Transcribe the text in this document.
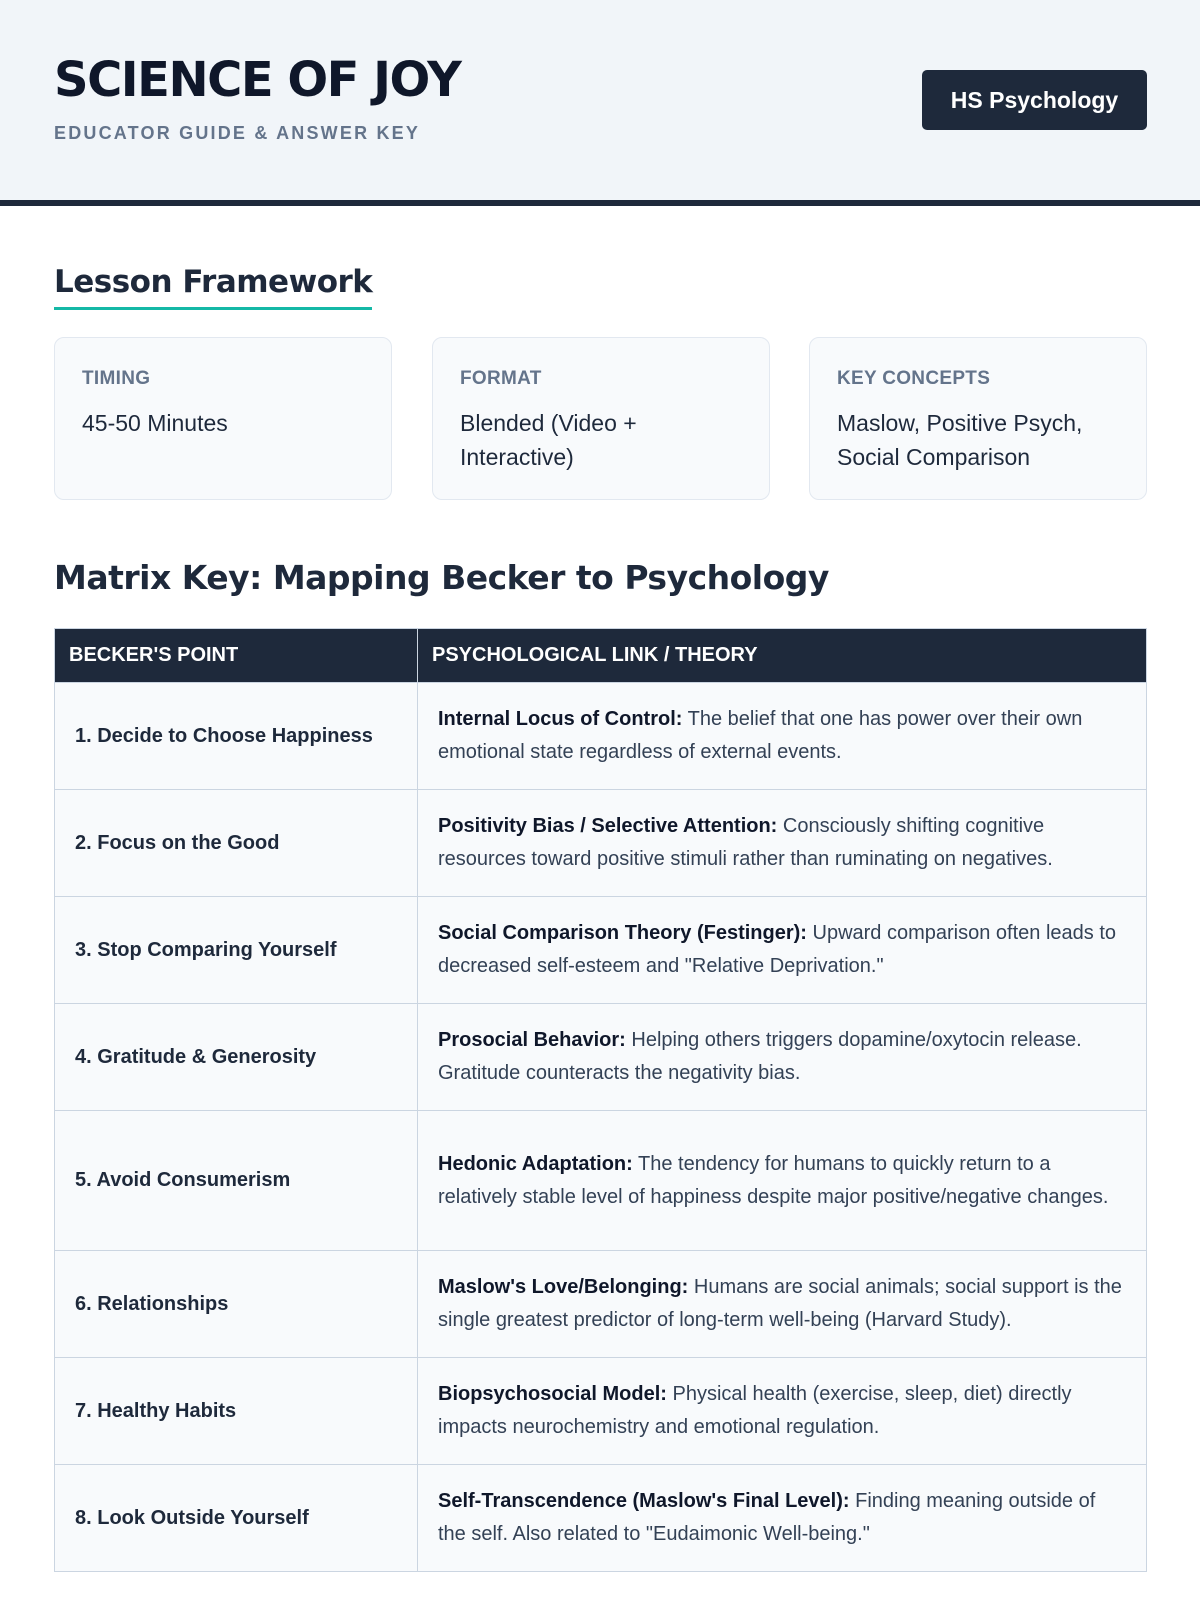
SCIENCE OF JOY
EDUCATOR GUIDE & ANSWER KEY
HS Psychology
Lesson Framework
TIMING
45-50 Minutes
FORMAT
Blended (Video + Interactive)
KEY CONCEPTS
Maslow, Positive Psych, Social Comparison
Matrix Key: Mapping Becker to Psychology
BECKER'S POINT	PSYCHOLOGICAL LINK / THEORY
1. Decide to Choose Happiness	Internal Locus of Control: The belief that one has power over their own emotional state regardless of external events.
2. Focus on the Good	Positivity Bias / Selective Attention: Consciously shifting cognitive resources toward positive stimuli rather than ruminating on negatives.
3. Stop Comparing Yourself	Social Comparison Theory (Festinger): Upward comparison often leads to decreased self-esteem and "Relative Deprivation."
4. Gratitude & Generosity	Prosocial Behavior: Helping others triggers dopamine/oxytocin release. Gratitude counteracts the negativity bias.
5. Avoid Consumerism	Hedonic Adaptation: The tendency for humans to quickly return to a relatively stable level of happiness despite major positive/negative changes.
6. Relationships	Maslow's Love/Belonging: Humans are social animals; social support is the single greatest predictor of long-term well-being (Harvard Study).
7. Healthy Habits	Biopsychosocial Model: Physical health (exercise, sleep, diet) directly impacts neurochemistry and emotional regulation.
8. Look Outside Yourself	Self-Transcendence (Maslow's Final Level): Finding meaning outside of the self. Also related to "Eudaimonic Well-being."
